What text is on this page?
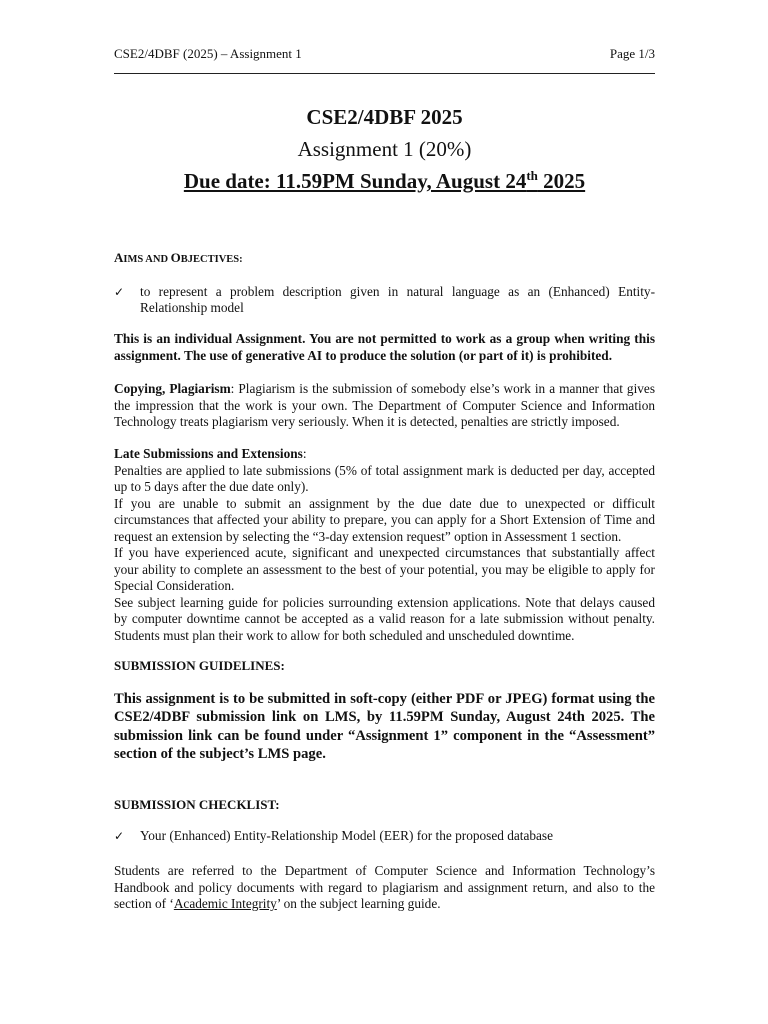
CSE2/4DBF (2025) – Assignment 1	Page 1/3
CSE2/4DBF 2025
Assignment 1 (20%)
Due date: 11.59PM Sunday, August 24th 2025
AIMS AND OBJECTIVES:
✓	to represent a problem description given in natural language as an (Enhanced) Entity-Relationship model
This is an individual Assignment. You are not permitted to work as a group when writing this assignment. The use of generative AI to produce the solution (or part of it) is prohibited.
Copying, Plagiarism: Plagiarism is the submission of somebody else’s work in a manner that gives the impression that the work is your own. The Department of Computer Science and Information Technology treats plagiarism very seriously. When it is detected, penalties are strictly imposed.
Late Submissions and Extensions:
Penalties are applied to late submissions (5% of total assignment mark is deducted per day, accepted up to 5 days after the due date only).
If you are unable to submit an assignment by the due date due to unexpected or difficult circumstances that affected your ability to prepare, you can apply for a Short Extension of Time and request an extension by selecting the “3-day extension request” option in Assessment 1 section.
If you have experienced acute, significant and unexpected circumstances that substantially affect your ability to complete an assessment to the best of your potential, you may be eligible to apply for Special Consideration.
See subject learning guide for policies surrounding extension applications. Note that delays caused by computer downtime cannot be accepted as a valid reason for a late submission without penalty. Students must plan their work to allow for both scheduled and unscheduled downtime.
SUBMISSION GUIDELINES:
This assignment is to be submitted in soft-copy (either PDF or JPEG) format using the CSE2/4DBF submission link on LMS, by 11.59PM Sunday, August 24th 2025. The submission link can be found under “Assignment 1” component in the “Assessment” section of the subject’s LMS page.
SUBMISSION CHECKLIST:
✓	Your (Enhanced) Entity-Relationship Model (EER) for the proposed database
Students are referred to the Department of Computer Science and Information Technology’s Handbook and policy documents with regard to plagiarism and assignment return, and also to the section of ‘Academic Integrity’ on the subject learning guide.
